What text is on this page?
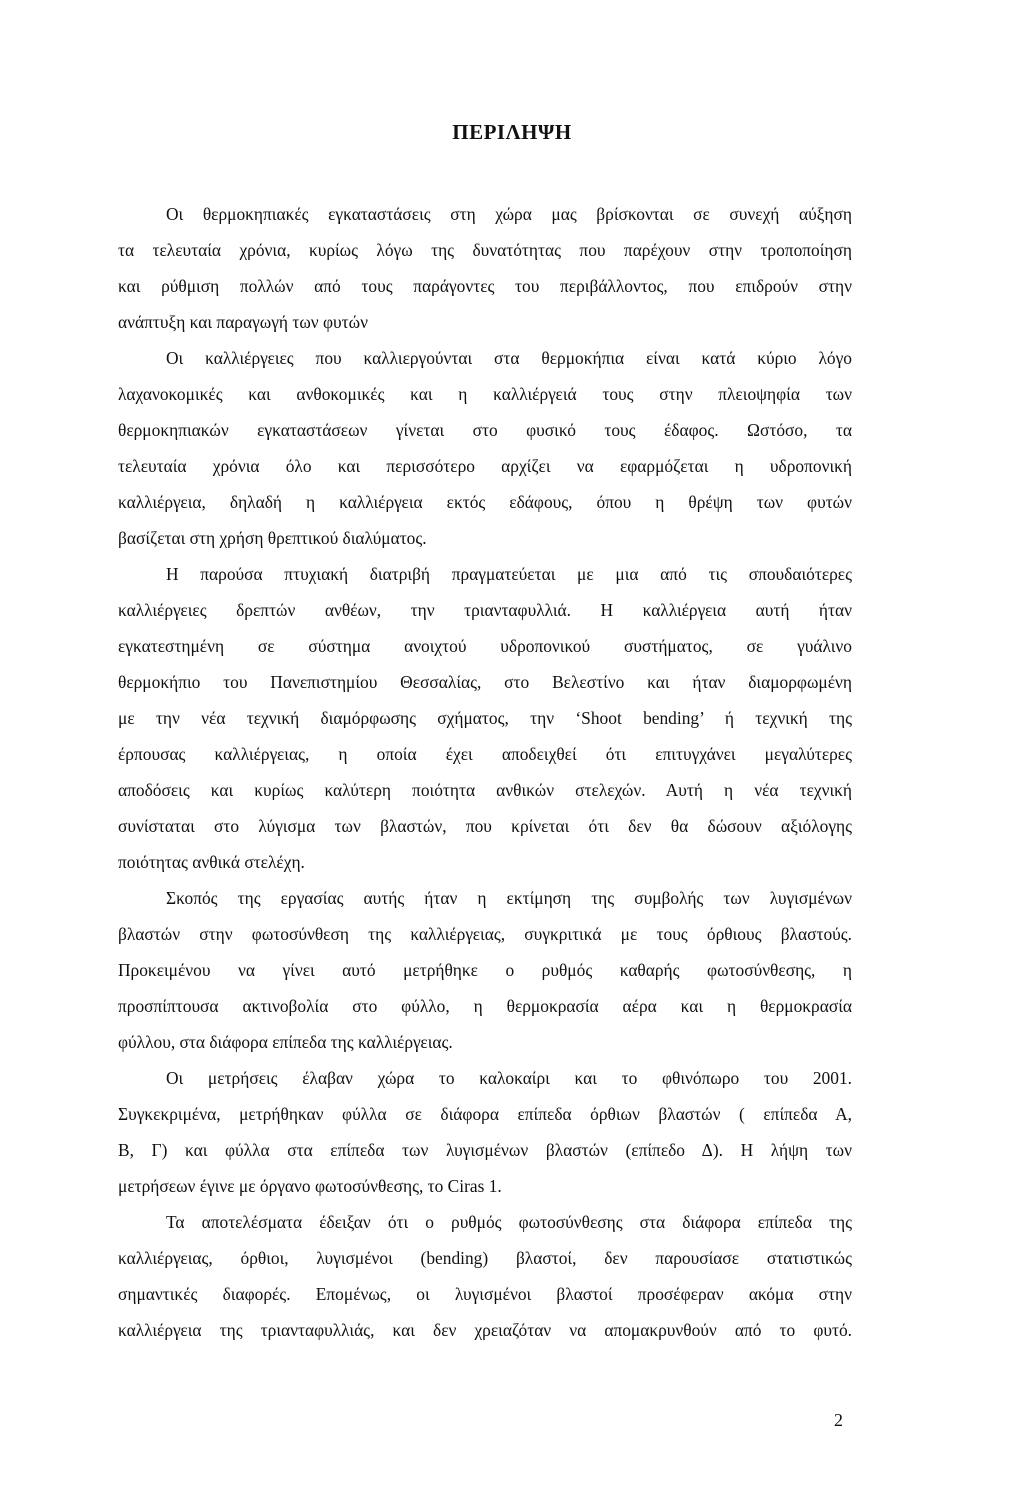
ΠΕΡΙΛΗΨΗ
Οι θερμοκηπιακές εγκαταστάσεις στη χώρα μας βρίσκονται σε συνεχή αύξηση
τα τελευταία χρόνια, κυρίως λόγω της δυνατότητας που παρέχουν στην τροποποίηση
και ρύθμιση πολλών από τους παράγοντες του περιβάλλοντος, που επιδρούν στην
ανάπτυξη και παραγωγή των φυτών
Οι καλλιέργειες που καλλιεργούνται στα θερμοκήπια είναι κατά κύριο λόγο
λαχανοκομικές και ανθοκομικές και η καλλιέργειά τους στην πλειοψηφία των
θερμοκηπιακών εγκαταστάσεων γίνεται στο φυσικό τους έδαφος. Ωστόσο, τα
τελευταία χρόνια όλο και περισσότερο αρχίζει να εφαρμόζεται η υδροπονική
καλλιέργεια, δηλαδή η καλλιέργεια εκτός εδάφους, όπου η θρέψη των φυτών
βασίζεται στη χρήση θρεπτικού διαλύματος.
Η παρούσα πτυχιακή διατριβή πραγματεύεται με μια από τις σπουδαιότερες
καλλιέργειες δρεπτών ανθέων, την τριανταφυλλιά. Η καλλιέργεια αυτή ήταν
εγκατεστημένη σε σύστημα ανοιχτού υδροπονικού συστήματος, σε γυάλινο
θερμοκήπιο του Πανεπιστημίου Θεσσαλίας, στο Βελεστίνο και ήταν διαμορφωμένη
με την νέα τεχνική διαμόρφωσης σχήματος, την ‘Shoot bending’ ή τεχνική της
έρπουσας καλλιέργειας, η οποία έχει αποδειχθεί ότι επιτυγχάνει μεγαλύτερες
αποδόσεις και κυρίως καλύτερη ποιότητα ανθικών στελεχών. Αυτή η νέα τεχνική
συνίσταται στο λύγισμα των βλαστών, που κρίνεται ότι δεν θα δώσουν αξιόλογης
ποιότητας ανθικά στελέχη.
Σκοπός της εργασίας αυτής ήταν η εκτίμηση της συμβολής των λυγισμένων
βλαστών στην φωτοσύνθεση της καλλιέργειας, συγκριτικά με τους όρθιους βλαστούς.
Προκειμένου να γίνει αυτό μετρήθηκε ο ρυθμός καθαρής φωτοσύνθεσης, η
προσπίπτουσα ακτινοβολία στο φύλλο, η θερμοκρασία αέρα και η θερμοκρασία
φύλλου, στα διάφορα επίπεδα της καλλιέργειας.
Οι μετρήσεις έλαβαν χώρα το καλοκαίρι και το φθινόπωρο του 2001.
Συγκεκριμένα, μετρήθηκαν φύλλα σε διάφορα επίπεδα όρθιων βλαστών ( επίπεδα Α,
Β, Γ) και φύλλα στα επίπεδα των λυγισμένων βλαστών (επίπεδο Δ). Η λήψη των
μετρήσεων έγινε με όργανο φωτοσύνθεσης, το Ciras 1.
Τα αποτελέσματα έδειξαν ότι ο ρυθμός φωτοσύνθεσης στα διάφορα επίπεδα της
καλλιέργειας, όρθιοι, λυγισμένοι (bending) βλαστοί, δεν παρουσίασε στατιστικώς
σημαντικές διαφορές. Επομένως, οι λυγισμένοι βλαστοί προσέφεραν ακόμα στην
καλλιέργεια της τριανταφυλλιάς, και δεν χρειαζόταν να απομακρυνθούν από το φυτό.
2
